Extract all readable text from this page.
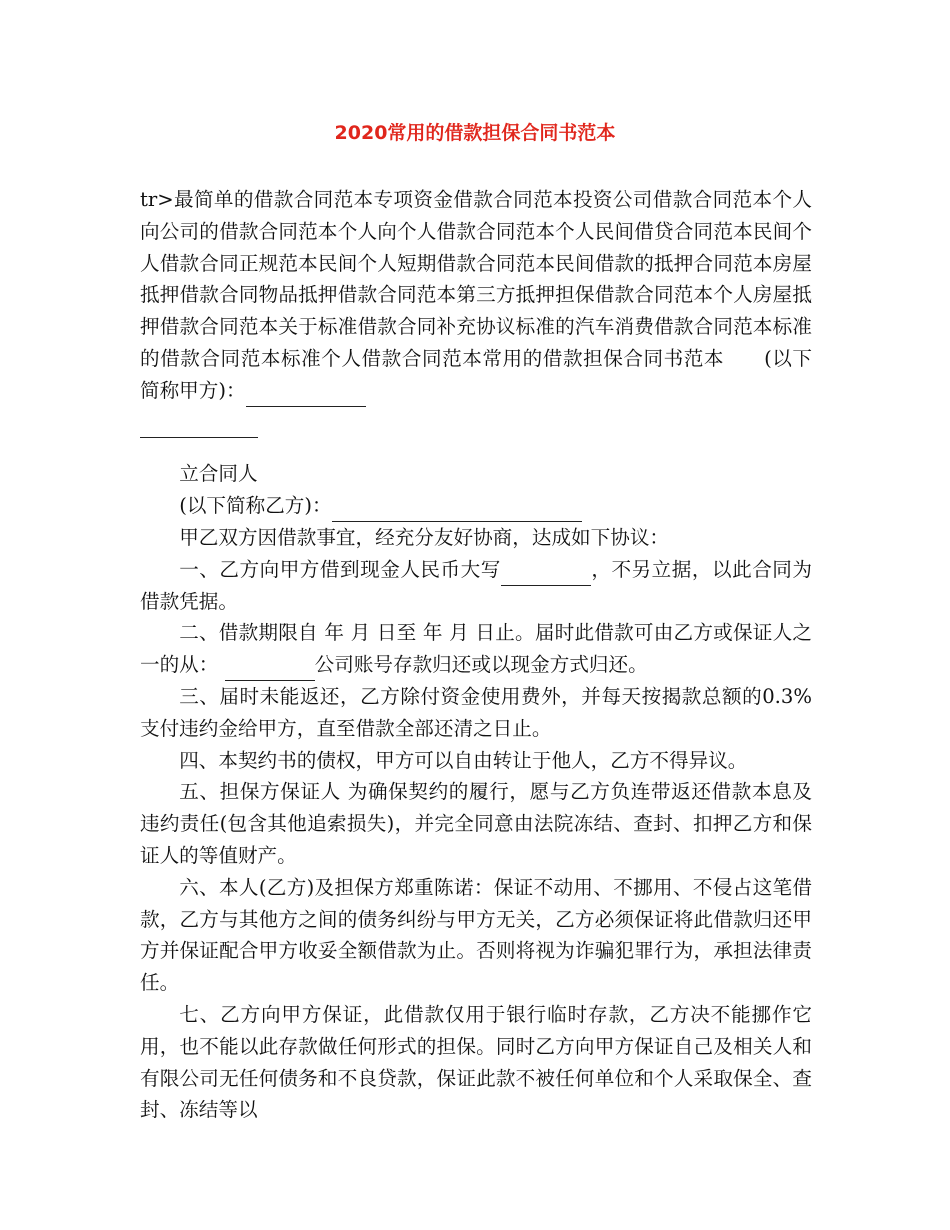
2020常用的借款担保合同书范本

tr>最简单的借款合同范本专项资金借款合同范本投资公司借款合同范本个人向公司的借款合同范本个人向个人借款合同范本个人民间借贷合同范本民间个人借款合同正规范本民间个人短期借款合同范本民间借款的抵押合同范本房屋抵押借款合同物品抵押借款合同范本第三方抵押担保借款合同范本个人房屋抵押借款合同范本关于标准借款合同补充协议标准的汽车消费借款合同范本标准的借款合同范本标准个人借款合同范本常用的借款担保合同书范本 (以下简称甲方)：

立合同人

(以下简称乙方)：

甲乙双方因借款事宜，经充分友好协商，达成如下协议：

一、乙方向甲方借到现金人民币大写	，不另立据，以此合同为借款凭据。

二、借款期限自 年 月 日至 年 月 日止。届时此借款可由乙方或保证人之一的从：	公司账号存款归还或以现金方式归还。

三、届时未能返还，乙方除付资金使用费外，并每天按揭款总额的0.3%支付违约金给甲方，直至借款全部还清之日止。

四、本契约书的债权，甲方可以自由转让于他人，乙方不得异议。

五、担保方保证人 为确保契约的履行，愿与乙方负连带返还借款本息及违约责任(包含其他追索损失)，并完全同意由法院冻结、查封、扣押乙方和保证人的等值财产。

六、本人(乙方)及担保方郑重陈诺：保证不动用、不挪用、不侵占这笔借款，乙方与其他方之间的债务纠纷与甲方无关，乙方必须保证将此借款归还甲方并保证配合甲方收妥全额借款为止。否则将视为诈骗犯罪行为，承担法律责任。

七、乙方向甲方保证，此借款仅用于银行临时存款，乙方决不能挪作它用，也不能以此存款做任何形式的担保。同时乙方向甲方保证自己及相关人和 有限公司无任何债务和不良贷款，保证此款不被任何单位和个人采取保全、查封、冻结等以
